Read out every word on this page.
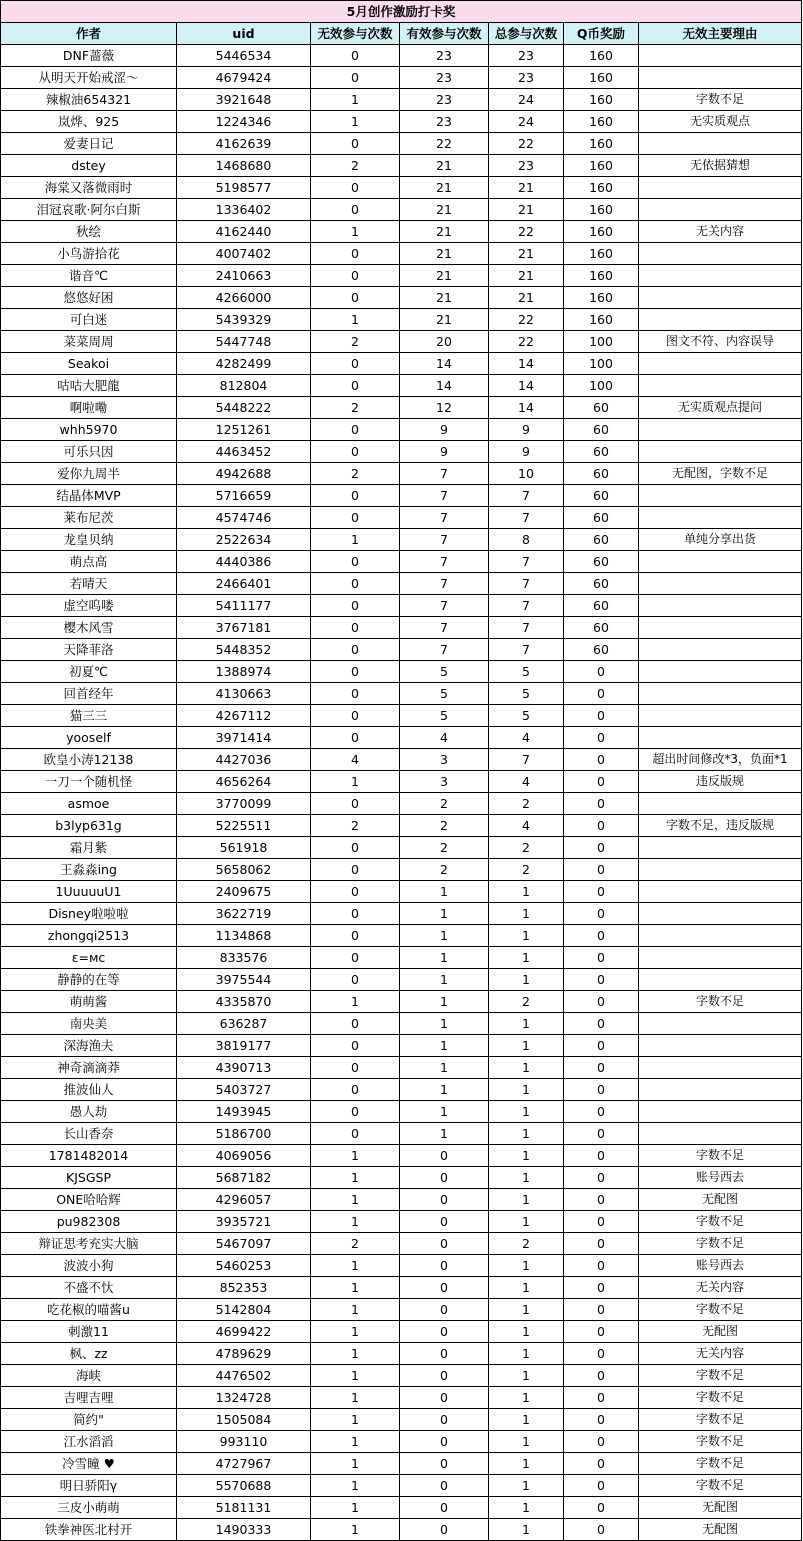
5月创作激励打卡奖						
作者	uid	无效参与次数	有效参与次数	总参与次数	Q币奖励	无效主要理由
DNF蔷薇	5446534	0	23	23	160	
从明天开始戒涩～	4679424	0	23	23	160	
辣椒油654321	3921648	1	23	24	160	字数不足
岚烨、925	1224346	1	23	24	160	无实质观点
爱妻日记	4162639	0	22	22	160	
dstey	1468680	2	21	23	160	无依据猜想
海棠又落微雨时	5198577	0	21	21	160	
泪冠哀歌·阿尔白斯	1336402	0	21	21	160	
秋绘	4162440	1	21	22	160	无关内容
小鸟游拾花	4007402	0	21	21	160	
谐音℃	2410663	0	21	21	160	
悠悠好困	4266000	0	21	21	160	
可白迷	5439329	1	21	22	160	
菜菜周周	5447748	2	20	22	100	图文不符、内容误导
Seakoi	4282499	0	14	14	100	
咕咕大肥龍	812804	0	14	14	100	
啊啦嘞	5448222	2	12	14	60	无实质观点提问
whh5970	1251261	0	9	9	60	
可乐只因	4463452	0	9	9	60	
爱你九周半	4942688	2	7	10	60	无配图，字数不足
结晶体MVP	5716659	0	7	7	60	
莱布尼茨	4574746	0	7	7	60	
龙皇贝纳	2522634	1	7	8	60	单纯分享出货
萌点高	4440386	0	7	7	60	
若晴天	2466401	0	7	7	60	
虚空呜喽	5411177	0	7	7	60	
樱木风雪	3767181	0	7	7	60	
天降菲洛	5448352	0	7	7	60	
初夏℃	1388974	0	5	5	0	
回首经年	4130663	0	5	5	0	
猫三三	4267112	0	5	5	0	
yooself	3971414	0	4	4	0	
欧皇小涛12138	4427036	4	3	7	0	超出时间修改*3，负面*1
一刀一个随机怪	4656264	1	3	4	0	违反版规
asmoe	3770099	0	2	2	0	
b3lyp631g	5225511	2	2	4	0	字数不足，违反版规
霜月紫	561918	0	2	2	0	
王淼淼ing	5658062	0	2	2	0	
1UuuuuU1	2409675	0	1	1	0	
Disney啦啦啦	3622719	0	1	1	0	
zhongqi2513	1134868	0	1	1	0	
ε=мc	833576	0	1	1	0	
静静的在等	3975544	0	1	1	0	
萌萌酱	4335870	1	1	2	0	字数不足
南央美	636287	0	1	1	0	
深海渔夫	3819177	0	1	1	0	
神奇滴滴莽	4390713	0	1	1	0	
推波仙人	5403727	0	1	1	0	
愚人劫	1493945	0	1	1	0	
长山香奈	5186700	0	1	1	0	
1781482014	4069056	1	0	1	0	字数不足
KJSGSP	5687182	1	0	1	0	账号西去
ONE哈哈辉	4296057	1	0	1	0	无配图
pu982308	3935721	1	0	1	0	字数不足
辩证思考充实大脑	5467097	2	0	2	0	字数不足
波波小狗	5460253	1	0	1	0	账号西去
不盛不忕	852353	1	0	1	0	无关内容
吃花椒的喵酱u	5142804	1	0	1	0	字数不足
刺激11	4699422	1	0	1	0	无配图
枫、zz	4789629	1	0	1	0	无关内容
海峡	4476502	1	0	1	0	字数不足
吉哩吉哩	1324728	1	0	1	0	字数不足
简约"	1505084	1	0	1	0	字数不足
江水滔滔	993110	1	0	1	0	字数不足
冷雪瞳 ♥	4727967	1	0	1	0	字数不足
明日骄阳γ	5570688	1	0	1	0	字数不足
三皮小萌萌	5181131	1	0	1	0	无配图
铁拳神医北村开	1490333	1	0	1	0	无配图
